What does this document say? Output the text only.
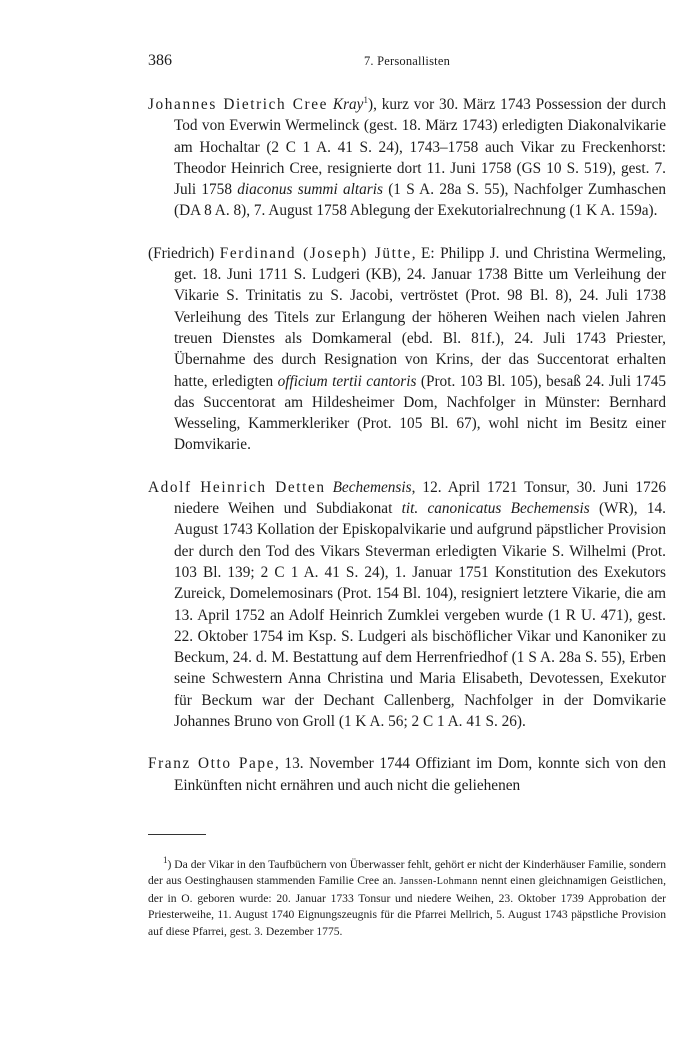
386	7. Personallisten

Johannes Dietrich Cree Kray$^1$), kurz vor 30. März 1743 Possession der durch Tod von Everwin Wermelinck (gest. 18. März 1743) erledigten Diakonalvikarie am Hochaltar (2 C 1 A. 41 S. 24), 1743–1758 auch Vikar zu Freckenhorst: Theodor Heinrich Cree, resignierte dort 11. Juni 1758 (GS 10 S. 519), gest. 7. Juli 1758 diaconus summi altaris (1 S A. 28a S. 55), Nachfolger Zumhaschen (DA 8 A. 8), 7. August 1758 Ablegung der Exekutorialrechnung (1 K A. 159a).

(Friedrich) Ferdinand (Joseph) Jütte, E: Philipp J. und Christina Wermeling, get. 18. Juni 1711 S. Ludgeri (KB), 24. Januar 1738 Bitte um Verleihung der Vikarie S. Trinitatis zu S. Jacobi, vertröstet (Prot. 98 Bl. 8), 24. Juli 1738 Verleihung des Titels zur Erlangung der höheren Weihen nach vielen Jahren treuen Dienstes als Domkameral (ebd. Bl. 81f.), 24. Juli 1743 Priester, Übernahme des durch Resignation von Krins, der das Succentorat erhalten hatte, erledigten officium tertii cantoris (Prot. 103 Bl. 105), besaß 24. Juli 1745 das Succentorat am Hildesheimer Dom, Nachfolger in Münster: Bernhard Wesseling, Kammerkleriker (Prot. 105 Bl. 67), wohl nicht im Besitz einer Domvikarie.

Adolf Heinrich Detten Bechemensis, 12. April 1721 Tonsur, 30. Juni 1726 niedere Weihen und Subdiakonat tit. canonicatus Bechemensis (WR), 14. August 1743 Kollation der Episkopalvikarie und aufgrund päpstlicher Provision der durch den Tod des Vikars Steverman erledigten Vikarie S. Wilhelmi (Prot. 103 Bl. 139; 2 C 1 A. 41 S. 24), 1. Januar 1751 Konstitution des Exekutors Zureick, Domelemosinars (Prot. 154 Bl. 104), resigniert letztere Vikarie, die am 13. April 1752 an Adolf Heinrich Zumklei vergeben wurde (1 R U. 471), gest. 22. Oktober 1754 im Ksp. S. Ludgeri als bischöflicher Vikar und Kanoniker zu Beckum, 24. d. M. Bestattung auf dem Herrenfriedhof (1 S A. 28a S. 55), Erben seine Schwestern Anna Christina und Maria Elisabeth, Devotessen, Exekutor für Beckum war der Dechant Callenberg, Nachfolger in der Domvikarie Johannes Bruno von Groll (1 K A. 56; 2 C 1 A. 41 S. 26).

Franz Otto Pape, 13. November 1744 Offiziant im Dom, konnte sich von den Einkünften nicht ernähren und auch nicht die geliehenen

$^1$) Da der Vikar in den Taufbüchern von Überwasser fehlt, gehört er nicht der Kinderhäuser Familie, sondern der aus Oestinghausen stammenden Familie Cree an. Janssen-Lohmann nennt einen gleichnamigen Geistlichen, der in O. geboren wurde: 20. Januar 1733 Tonsur und niedere Weihen, 23. Oktober 1739 Approbation der Priesterweihe, 11. August 1740 Eignungszeugnis für die Pfarrei Mellrich, 5. August 1743 päpstliche Provision auf diese Pfarrei, gest. 3. Dezember 1775.
